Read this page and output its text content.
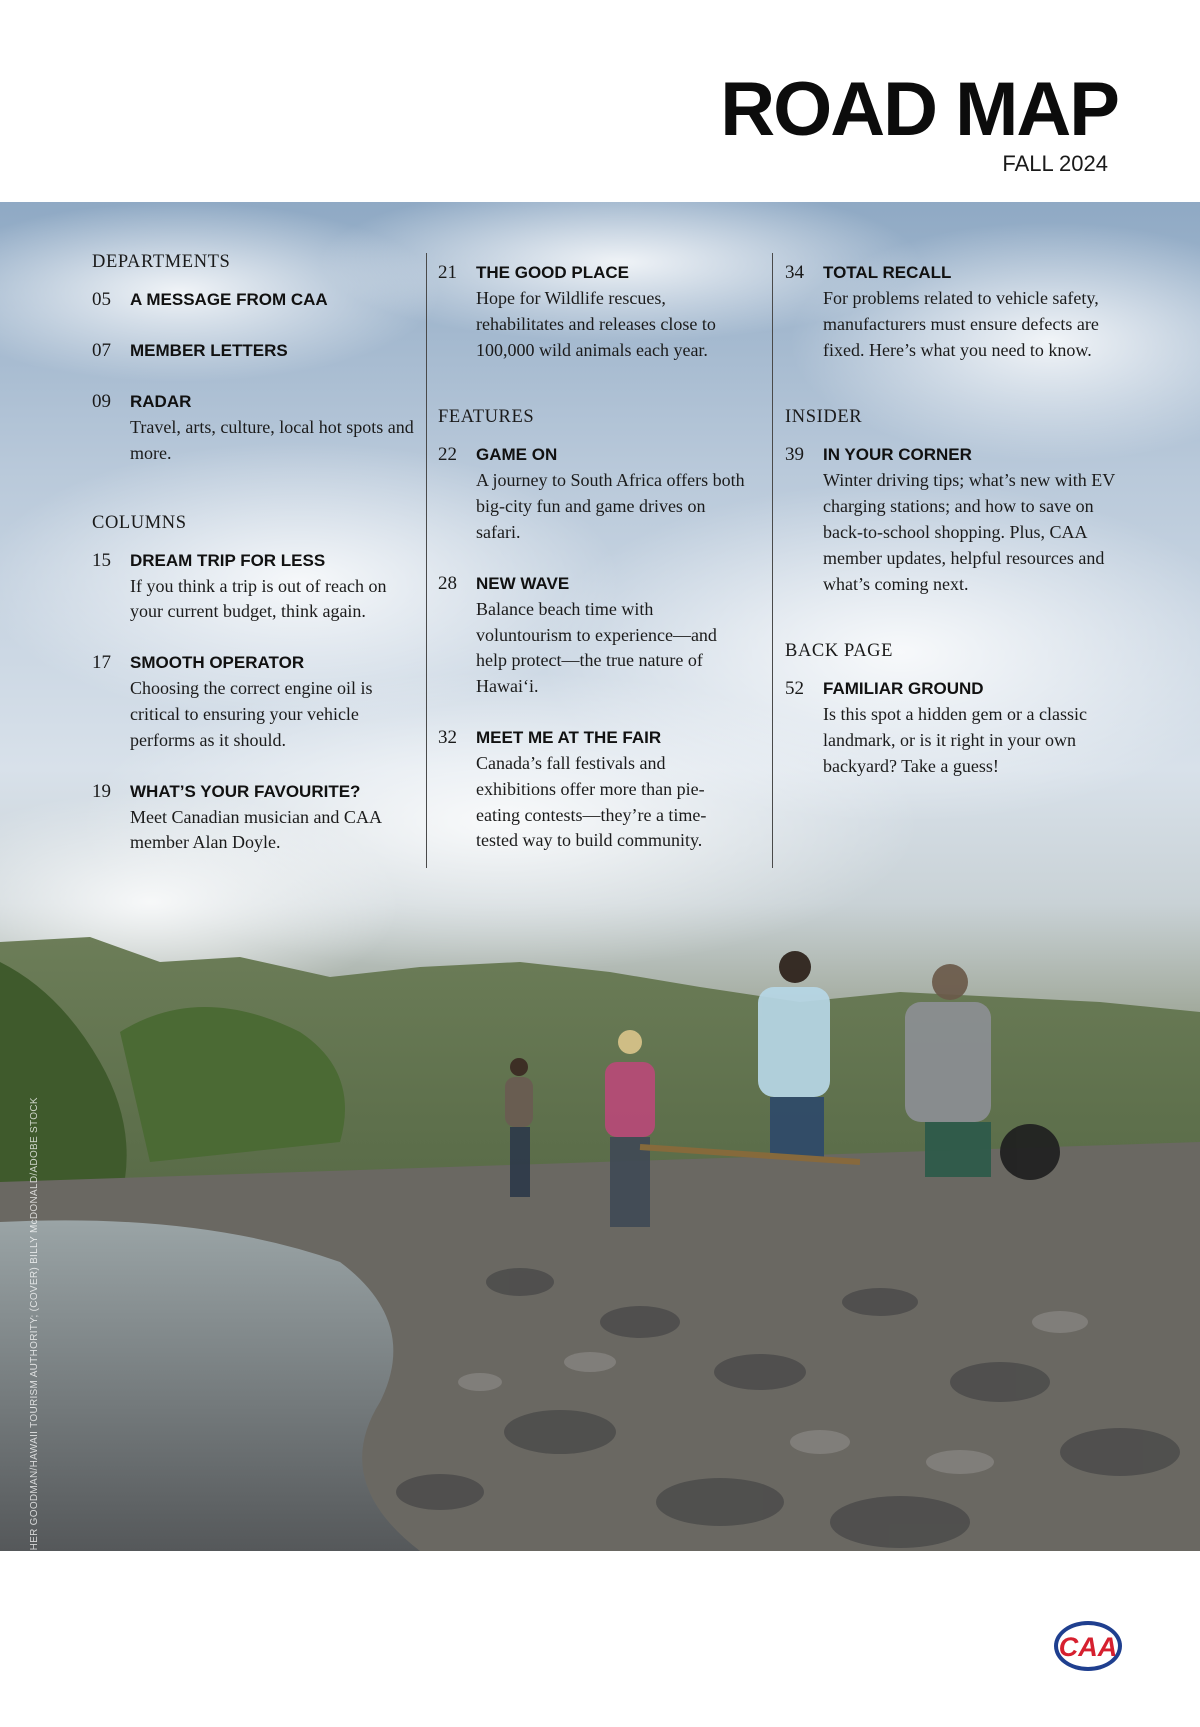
ROAD MAP
FALL 2024
PHOTOGRAPHY (THIS PAGE) HEATHER GOODMAN/HAWAII TOURISM AUTHORITY; (COVER) BILLY McDONALD/ADOBE STOCK	CAA
DEPARTMENTS
05 A MESSAGE FROM CAA
07 MEMBER LETTERS
09 RADAR
Travel, arts, culture, local hot spots and more.
COLUMNS
15 DREAM TRIP FOR LESS
If you think a trip is out of reach on your current budget, think again.
17 SMOOTH OPERATOR
Choosing the correct engine oil is critical to ensuring your vehicle performs as it should.
19 WHAT’S YOUR FAVOURITE?
Meet Canadian musician and CAA member Alan Doyle.
21 THE GOOD PLACE
Hope for Wildlife rescues, rehabilitates and releases close to 100,000 wild animals each year.
FEATURES
22 GAME ON
A journey to South Africa offers both big-city fun and game drives on safari.
28 NEW WAVE
Balance beach time with voluntourism to experience—and help protect—the true nature of Hawai‘i.
32 MEET ME AT THE FAIR
Canada’s fall festivals and exhibitions offer more than pie-eating contests—they’re a time-tested way to build community.
34 TOTAL RECALL
For problems related to vehicle safety, manufacturers must ensure defects are fixed. Here’s what you need to know.
INSIDER
39 IN YOUR CORNER
Winter driving tips; what’s new with EV charging stations; and how to save on back-to-school shopping. Plus, CAA member updates, helpful resources and what’s coming next.
BACK PAGE
52 FAMILIAR GROUND
Is this spot a hidden gem or a classic landmark, or is it right in your own backyard? Take a guess!
